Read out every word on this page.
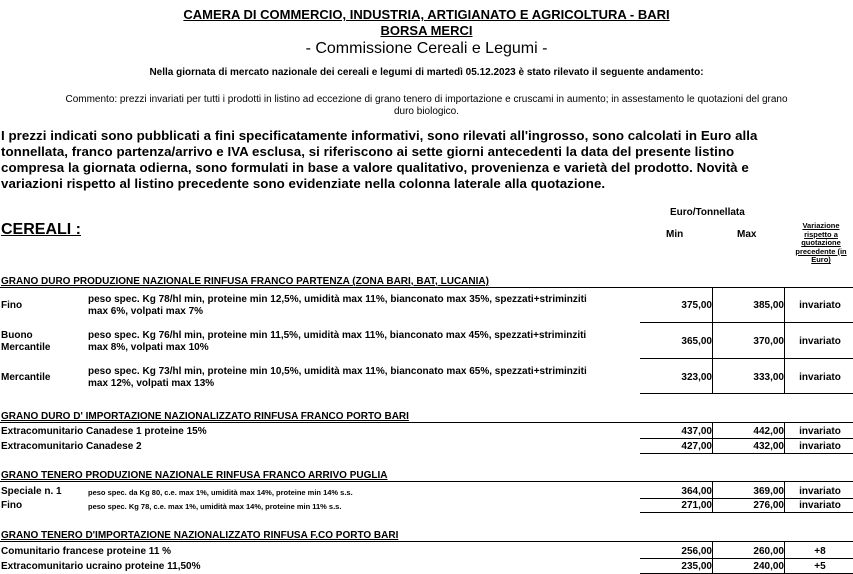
CAMERA DI COMMERCIO, INDUSTRIA, ARTIGIANATO E AGRICOLTURA - BARI
BORSA MERCI
- Commissione Cereali e Legumi -
Nella giornata di mercato nazionale dei cereali e legumi di martedì 05.12.2023 è stato rilevato il seguente andamento:
Commento: prezzi invariati per tutti i prodotti in listino ad eccezione di grano tenero di importazione e cruscami in aumento; in assestamento le quotazioni del grano
duro biologico.
I prezzi indicati sono pubblicati a fini specificatamente informativi, sono rilevati all'ingrosso, sono calcolati in Euro alla
tonnellata, franco partenza/arrivo e IVA esclusa, si riferiscono ai sette giorni antecedenti la data del presente listino
compresa la giornata odierna, sono formulati in base a valore qualitativo, provenienza e varietà del prodotto. Novità e
variazioni rispetto al listino precedente sono evidenziate nella colonna laterale alla quotazione.
CEREALI :
Euro/Tonnellata
Min	Max
Variazione
rispetto a
quotazione
precedente (in
Euro)
GRANO DURO PRODUZIONE NAZIONALE RINFUSA FRANCO PARTENZA (ZONA BARI, BAT, LUCANIA)
Fino
peso spec. Kg 78/hl min, proteine min 12,5%, umidità max 11%, bianconato max 35%, spezzati+striminziti
max 6%, volpati max 7%
375,00	385,00	invariato
Buono
Mercantile
peso spec. Kg 76/hl min, proteine min 11,5%, umidità max 11%, bianconato max 45%, spezzati+striminziti
max 8%, volpati max 10%
365,00	370,00	invariato
Mercantile
peso spec. Kg 73/hl min, proteine min 10,5%, umidità max 11%, bianconato max 65%, spezzati+striminziti
max 12%, volpati max 13%
323,00	333,00	invariato
GRANO DURO D' IMPORTAZIONE NAZIONALIZZATO RINFUSA FRANCO PORTO BARI
Extracomunitario Canadese 1 proteine 15%	437,00	442,00	invariato
Extracomunitario Canadese 2	427,00	432,00	invariato
GRANO TENERO PRODUZIONE NAZIONALE RINFUSA FRANCO ARRIVO PUGLIA
Speciale n. 1	peso spec. da Kg 80, c.e. max 1%, umidità max 14%, proteine min 14% s.s.	364,00	369,00	invariato
Fino	peso spec. Kg 78, c.e. max 1%, umidità max 14%, proteine min 11% s.s.	271,00	276,00	invariato
GRANO TENERO D'IMPORTAZIONE NAZIONALIZZATO RINFUSA F.CO PORTO BARI
Comunitario francese proteine 11 %	256,00	260,00	+8
Extracomunitario ucraino proteine 11,50%	235,00	240,00	+5
